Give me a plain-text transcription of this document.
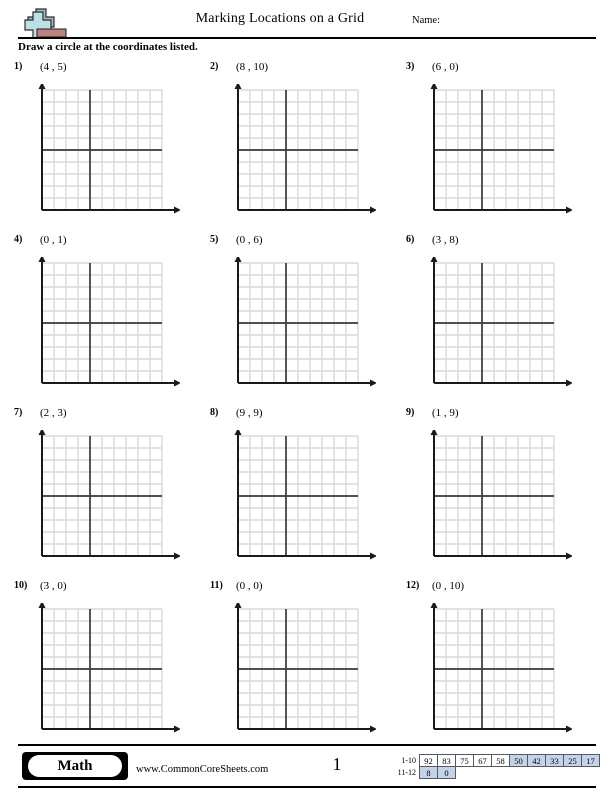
Marking Locations on a Grid	Name:
Draw a circle at the coordinates listed.
1) (4 , 5)	2) (8 , 10)	3) (6 , 0)
4) (0 , 1)	5) (0 , 6)	6) (3 , 8)
7) (2 , 3)	8) (9 , 9)	9) (1 , 9)
10) (3 , 0)	11) (0 , 0)	12) (0 , 10)
Math	www.CommonCoreSheets.com	1	1-10	92	83	75	67	58	50	42	33	25	17
11-12	8	0								
